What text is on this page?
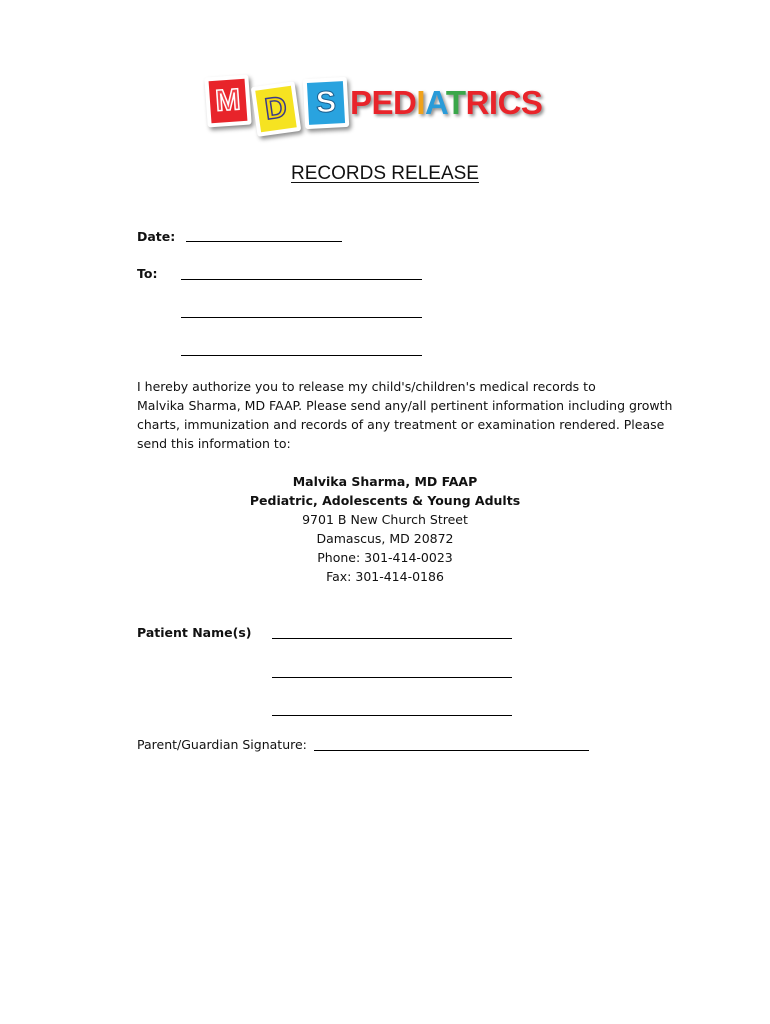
M D S PEDIATRICS
RECORDS RELEASE
Date:
To:
I hereby authorize you to release my child's/children's medical records to
Malvika Sharma, MD FAAP. Please send any/all pertinent information including growth
charts, immunization and records of any treatment or examination rendered. Please
send this information to:
Malvika Sharma, MD FAAP
Pediatric, Adolescents & Young Adults
9701 B New Church Street
Damascus, MD 20872
Phone: 301-414-0023
Fax: 301-414-0186
Patient Name(s)
Parent/Guardian Signature:
